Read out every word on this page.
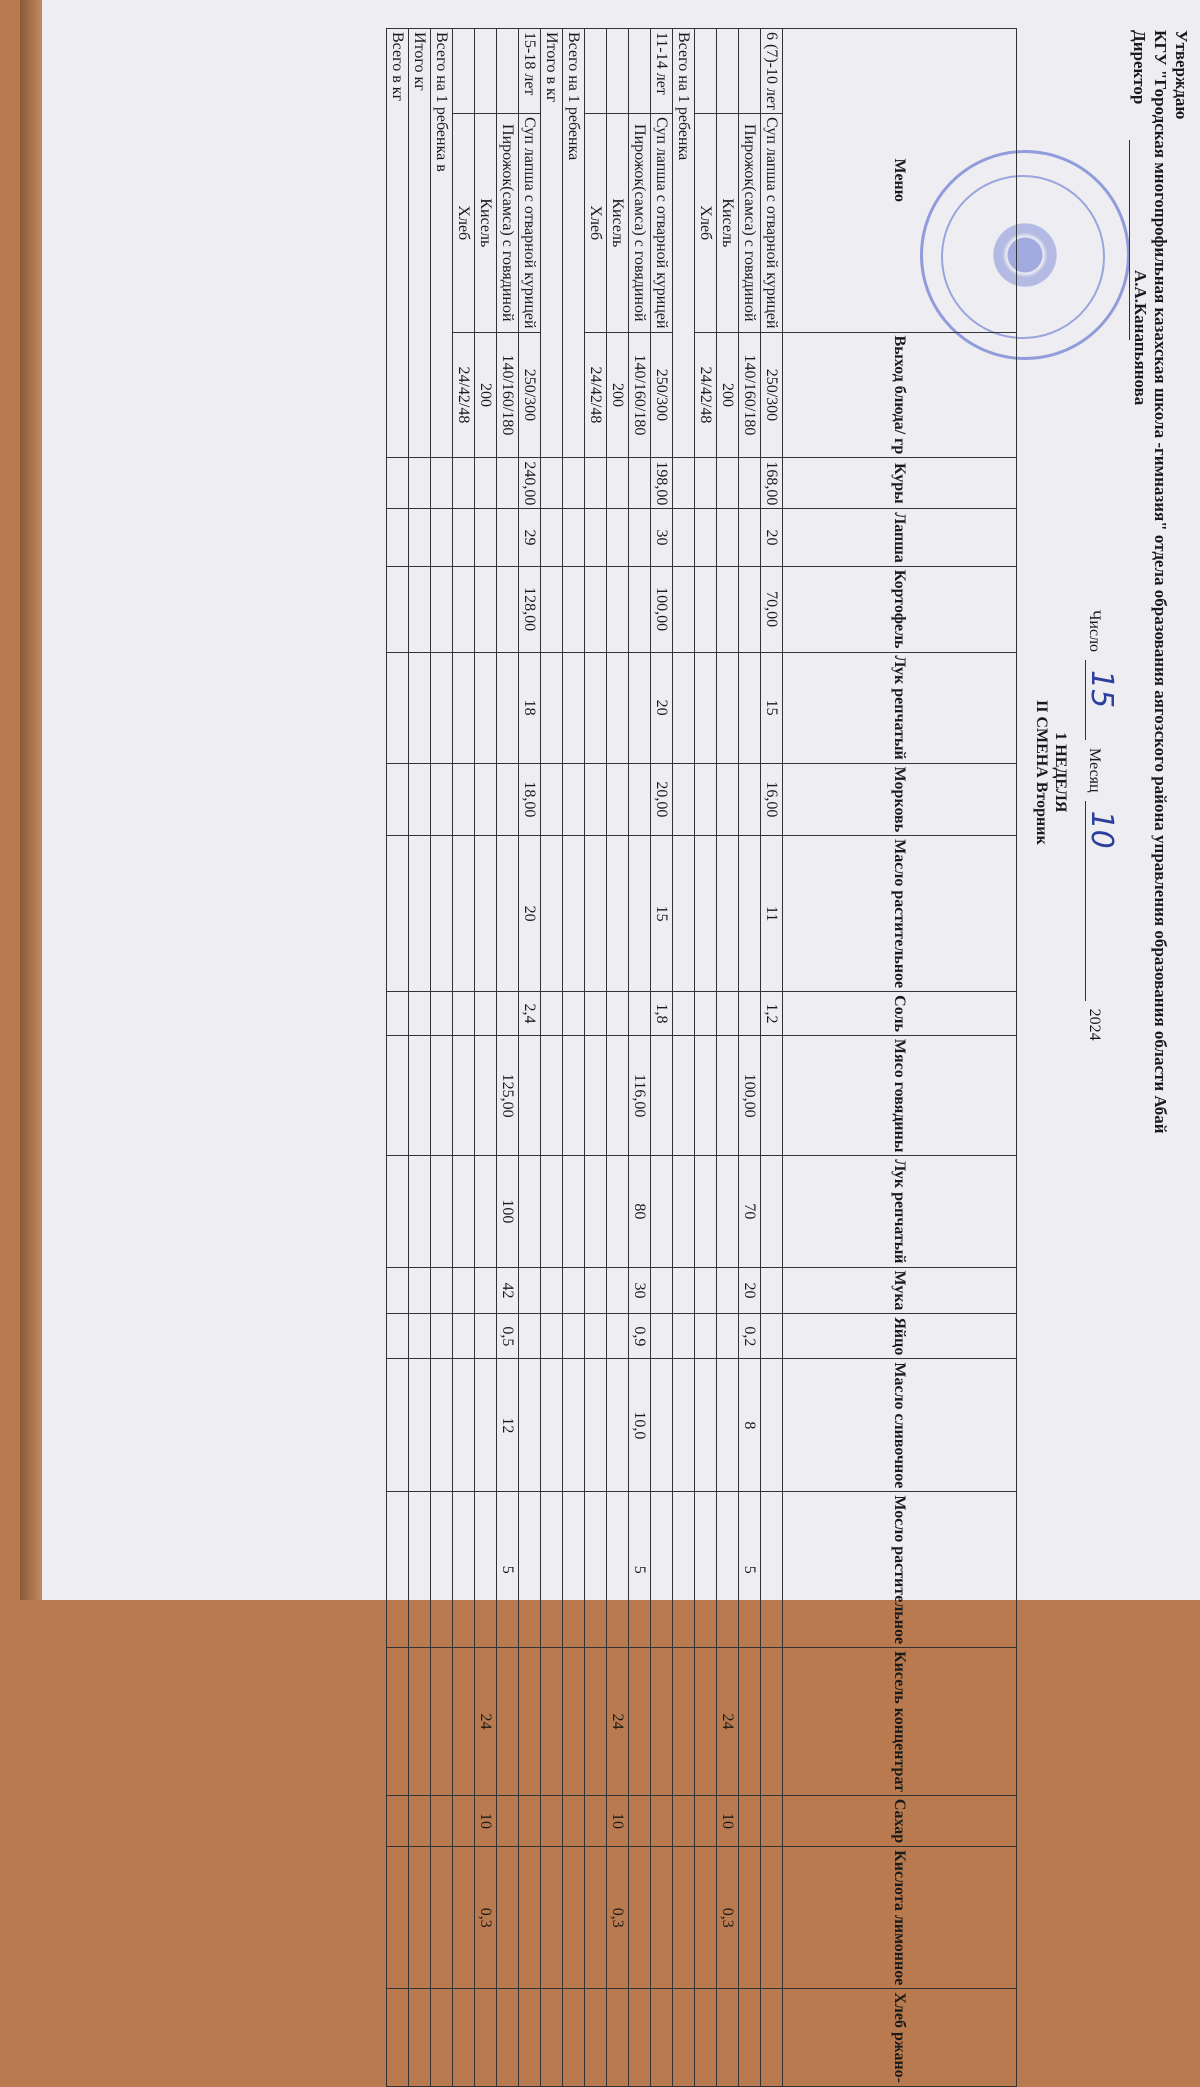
Утверждаю
КГУ "Городская многопрофильная казахская школа -гимназия" отдела образования аягозского района управления образования области Абай
Директор
А.А.Канапьянова
Число
15
Месяц
10
2024
1 НЕДЕЛЯ
II СМЕНА Вторник
Меню		Выход блюда/ гр	Куры	Лапша	Кортофель	Лук репчатый	Морковь	Масло растительное	Соль	Мясо говядины	Лук репчатый	Мука	Яйцо	Масло сливочное	Мосло растительное	Кисель концентрат	Сахар	Кислота лимонное	Хлеб ржано-
6 (7)-10 лет	Суп лапша с отварной курицей	250/300	168,00	20	70,00	15	16,00	11	1,2										
	Пирожок(самса) с говядиной	140/160/180								100,00	70	20	0,2	8	5				
	Кисель	200														24	10	0,3	
	Хлеб	24/42/48																	
Всего на 1 ребенка																			
11-14 лет	Суп лапша с отварной курицей	250/300	198,00	30	100,00	20	20,00	15	1,8										
	Пирожок(самса) с говядиной	140/160/180								116,00	80	30	0,9	10,0	5				
	Кисель	200														24	10	0,3	
	Хлеб	24/42/48																	
Всего на 1 ребенка																			
Итого в кг																			
15-18 лет	Суп лапша с отварной курицей	250/300	240,00	29	128,00	18	18,00	20	2,4										
	Пирожок(самса) с говядиной	140/160/180								125,00	100	42	0,5	12	5				
	Кисель	200														24	10	0,3	
	Хлеб	24/42/48																	
Всего на 1 ребенка в																			
Итого кг																			
Всего в кг																			
